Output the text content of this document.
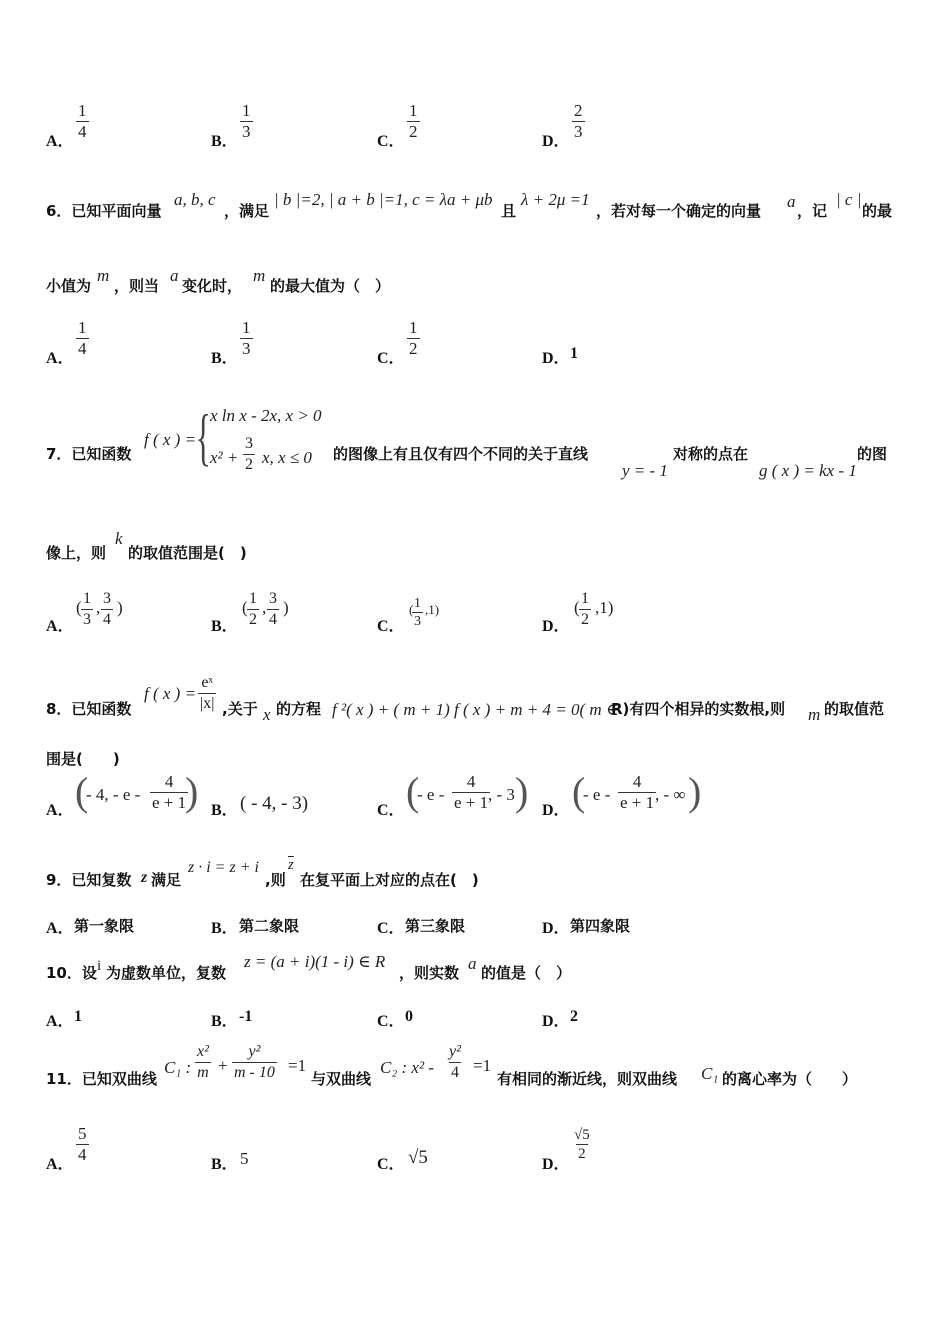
A． $\frac{1}{4}$	B． $\frac{1}{3}$	C． $\frac{1}{2}$	D． $\frac{2}{3}$
6．已知平面向量
a, b, c
，满足
| b |=2, | a + b |=1, c = λa + μb
且
λ + 2μ =1
，若对每一个确定的向量 a ，记
| c |
的最
小值为
m
，则当
a
变化时，
m
的最大值为（　）
A． $\frac{1}{4}$	B． $\frac{1}{3}$	C． $\frac{1}{2}$	D． 1
7．已知函数
f ( x ) = {
x ln x - 2x, x > 0
$x^2 + \frac{3}{2} x$, x ≤ 0 的图像上有且仅有四个不同的关于直线
y = - 1
对称的点在
g ( x ) = kx - 1
的图
像上，则
k
的取值范围是(　)
A．
( $\frac{1}{3}$ , $\frac{3}{4}$ )
B．
( $\frac{1}{2}$ , $\frac{3}{4}$ )
C．
(
$\frac{1}{3} ,1$)
D．
( $\frac{1}{2} ,1$)
8．已知函数
f ( x ) = $\frac{\text{eˣ}}{|x|}$ ,关于 x 的方程 f ²( x ) + ( m + 1) f ( x ) + m + 4 = 0( m ∈
R)有四个相异的实数根,则 m 的取值范
围是(　　)
A． (
- 4, - e - $\frac{4}{e + 1}$
) B． ( - 4, - 3)	C． (
- e - $\frac{4}{e + 1}$
, - 3 ) D． (
- e - $\frac{4}{e + 1}$
, - ∞ )
9．已知复数 z 满足
z · i = z + i
,则
$\overline{z}$
在复平面上对应的点在(　)
A． 第一象限	B． 第二象限	C． 第三象限	D． 第四象限
10．设 i 为虚数单位，复数
z = (a + i)(1 - i) ∈ R
，则实数 a 的值是（　）
A． 1	B． -1	C． 0	D． 2
11．已知双曲线
C₁ : $\frac{\text{x²}}{m} + \frac{\text{y²}}{m - 10} =1$
与双曲线
C₂ : $x^2 - \frac{\text{y²}}{4} =1$
有相同的渐近线，则双曲线 C₁ 的离心率为（　　）
A． $\frac{5}{4}$	B． 5	C． √5	D．
$\frac{√5}{2}$
